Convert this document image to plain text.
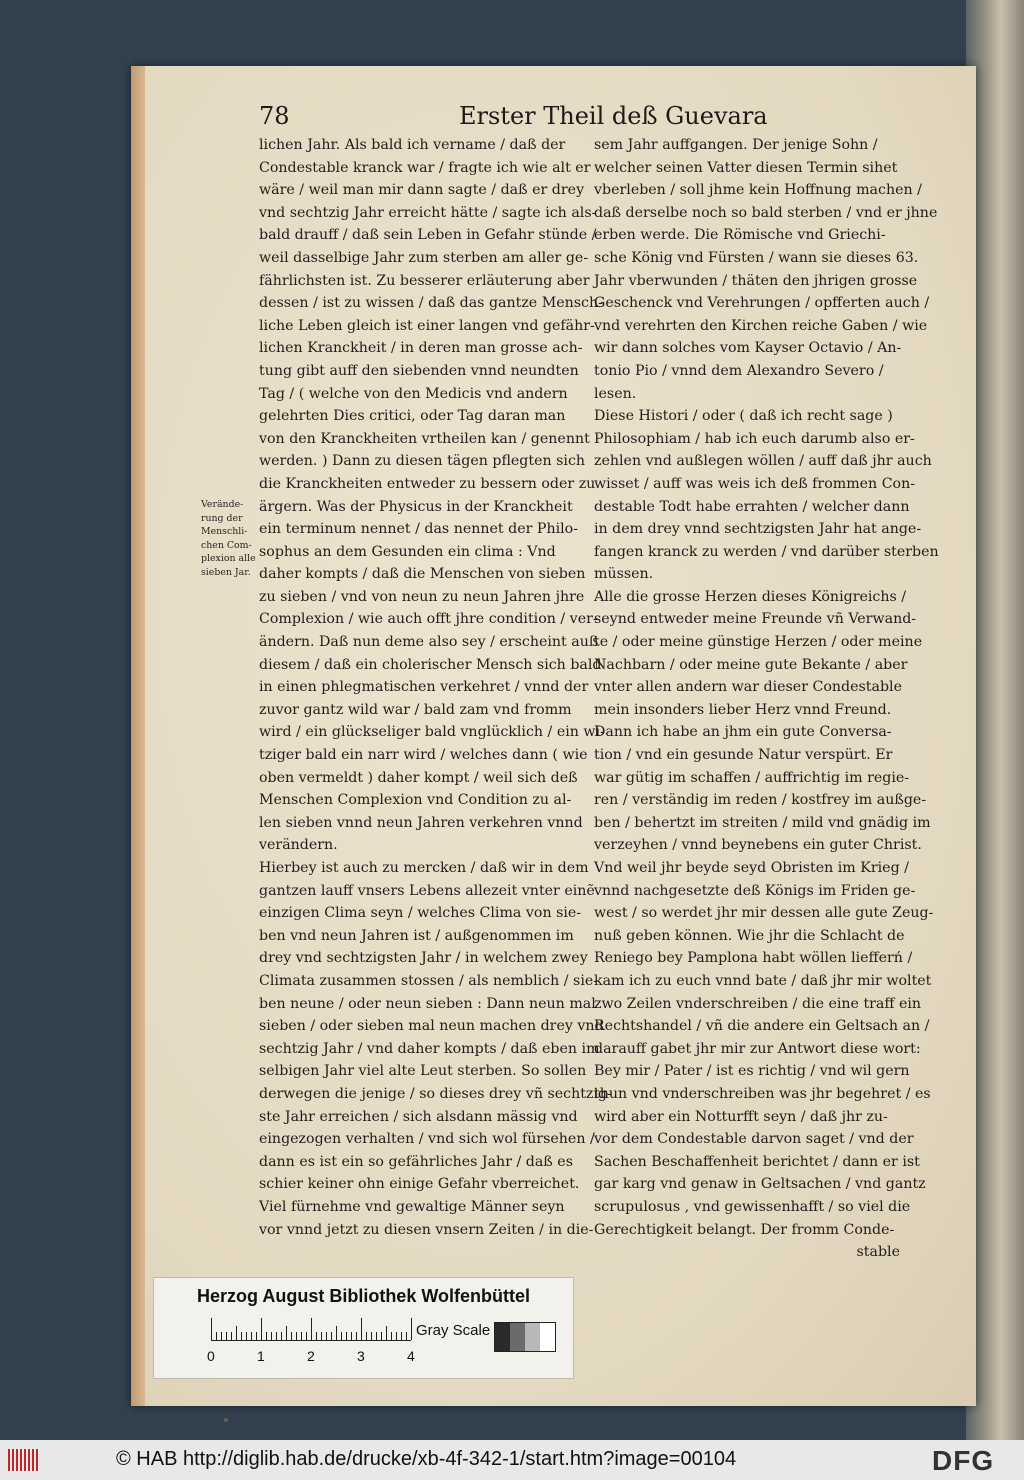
78	Erster Theil deß Guevara
Verände-
rung der
Menschli-
chen Com-
plexion alle
sieben Jar.
lichen Jahr. Als bald ich vername / daß der
Condestable kranck war / fragte ich wie alt er
wäre / weil man mir dann sagte / daß er drey
vnd sechtzig Jahr erreicht hätte / sagte ich als-
bald drauff / daß sein Leben in Gefahr stünde /
weil dasselbige Jahr zum sterben am aller ge-
fährlichsten ist. Zu besserer erläuterung aber
dessen / ist zu wissen / daß das gantze Mensch-
liche Leben gleich ist einer langen vnd gefähr-
lichen Kranckheit / in deren man grosse ach-
tung gibt auff den siebenden vnnd neundten
Tag / ( welche von den Medicis vnd andern
gelehrten Dies critici, oder Tag daran man
von den Kranckheiten vrtheilen kan / genennt
werden. ) Dann zu diesen tägen pflegten sich
die Kranckheiten entweder zu bessern oder zu
ärgern. Was der Physicus in der Kranckheit
ein terminum nennet / das nennet der Philo-
sophus an dem Gesunden ein clima : Vnd
daher kompts / daß die Menschen von sieben
zu sieben / vnd von neun zu neun Jahren jhre
Complexion / wie auch offt jhre condition / ver-
ändern. Daß nun deme also sey / erscheint auß
diesem / daß ein cholerischer Mensch sich bald
in einen phlegmatischen verkehret / vnnd der
zuvor gantz wild war / bald zam vnd fromm
wird / ein glückseliger bald vnglücklich / ein wi-
tziger bald ein narr wird / welches dann ( wie
oben vermeldt ) daher kompt / weil sich deß
Menschen Complexion vnd Condition zu al-
len sieben vnnd neun Jahren verkehren vnnd
verändern.
Hierbey ist auch zu mercken / daß wir in dem
gantzen lauff vnsers Lebens allezeit vnter einẽ
einzigen Clima seyn / welches Clima von sie-
ben vnd neun Jahren ist / außgenommen im
drey vnd sechtzigsten Jahr / in welchem zwey
Climata zusammen stossen / als nemblich / sie-
ben neune / oder neun sieben : Dann neun mal
sieben / oder sieben mal neun machen drey vnd
sechtzig Jahr / vnd daher kompts / daß eben im
selbigen Jahr viel alte Leut sterben. So sollen
derwegen die jenige / so dieses drey vñ sechtzig-
ste Jahr erreichen / sich alsdann mässig vnd
eingezogen verhalten / vnd sich wol fürsehen /
dann es ist ein so gefährliches Jahr / daß es
schier keiner ohn einige Gefahr vberreichet.
Viel fürnehme vnd gewaltige Männer seyn
vor vnnd jetzt zu diesen vnsern Zeiten / in die-
sem Jahr auffgangen. Der jenige Sohn /
welcher seinen Vatter diesen Termin sihet
vberleben / soll jhme kein Hoffnung machen /
daß derselbe noch so bald sterben / vnd er jhne
erben werde. Die Römische vnd Griechi-
sche König vnd Fürsten / wann sie dieses 63.
Jahr vberwunden / thäten den jhrigen grosse
Geschenck vnd Verehrungen / opfferten auch /
vnd verehrten den Kirchen reiche Gaben / wie
wir dann solches vom Kayser Octavio / An-
tonio Pio / vnnd dem Alexandro Severo /
lesen.
Diese Histori / oder ( daß ich recht sage )
Philosophiam / hab ich euch darumb also er-
zehlen vnd außlegen wöllen / auff daß jhr auch
wisset / auff was weis ich deß frommen Con-
destable Todt habe errahten / welcher dann
in dem drey vnnd sechtzigsten Jahr hat ange-
fangen kranck zu werden / vnd darüber sterben
müssen.
Alle die grosse Herzen dieses Königreichs /
seynd entweder meine Freunde vñ Verwand-
te / oder meine günstige Herzen / oder meine
Nachbarn / oder meine gute Bekante / aber
vnter allen andern war dieser Condestable
mein insonders lieber Herz vnnd Freund.
Dann ich habe an jhm ein gute Conversa-
tion / vnd ein gesunde Natur verspürt. Er
war gütig im schaffen / auffrichtig im regie-
ren / verständig im reden / kostfrey im außge-
ben / behertzt im streiten / mild vnd gnädig im
verzeyhen / vnnd beynebens ein guter Christ.
Vnd weil jhr beyde seyd Obristen im Krieg /
vnnd nachgesetzte deß Königs im Friden ge-
west / so werdet jhr mir dessen alle gute Zeug-
nuß geben können. Wie jhr die Schlacht de
Reniego bey Pamplona habt wöllen liefferń /
kam ich zu euch vnnd bate / daß jhr mir woltet
zwo Zeilen vnderschreiben / die eine traff ein
Rechtshandel / vñ die andere ein Geltsach an /
darauff gabet jhr mir zur Antwort diese wort:
Bey mir / Pater / ist es richtig / vnd wil gern
thun vnd vnderschreiben was jhr begehret / es
wird aber ein Notturfft seyn / daß jhr zu-
vor dem Condestable darvon saget / vnd der
Sachen Beschaffenheit berichtet / dann er ist
gar karg vnd genaw in Geltsachen / vnd gantz
scrupulosus , vnd gewissenhafft / so viel die
Gerechtigkeit belangt. Der fromm Conde-
stable
Herzog August Bibliothek Wolfenbüttel
0	1	2	3	4
Gray Scale
© HAB http://diglib.hab.de/drucke/xb-4f-342-1/start.htm?image=00104	DFG
